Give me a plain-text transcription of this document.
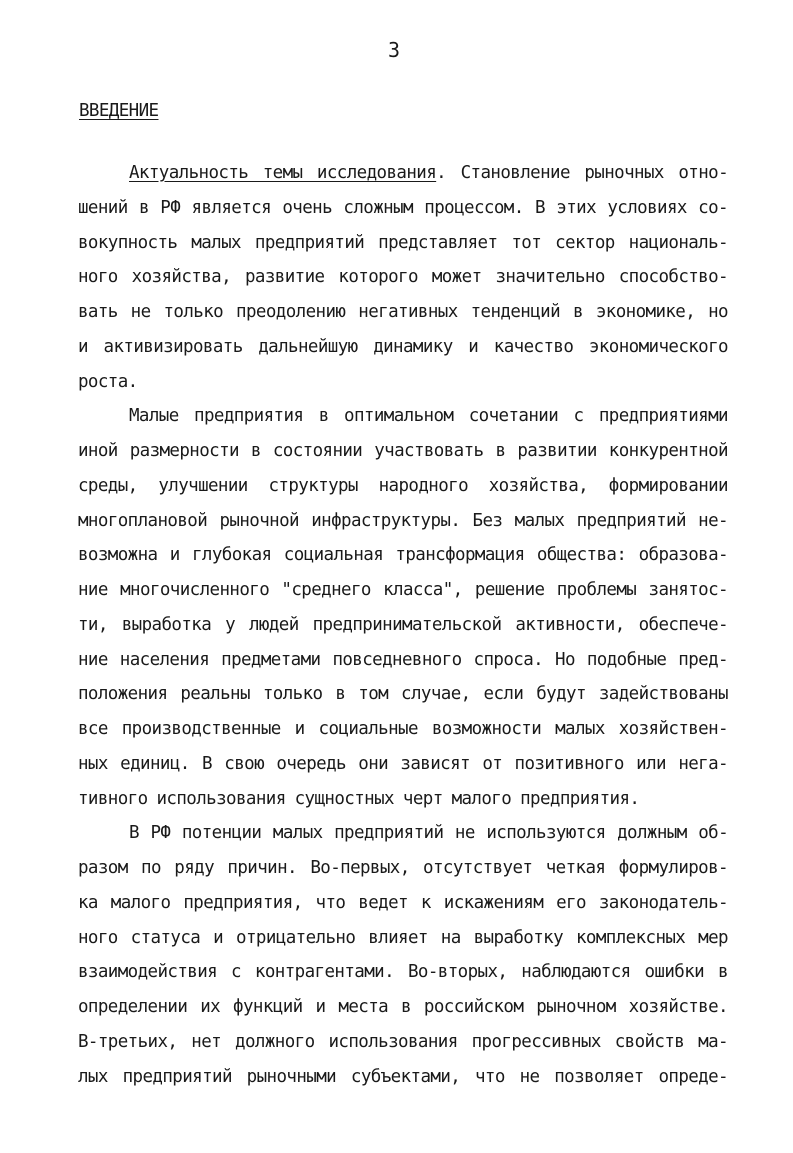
3
ВВЕДЕНИЕ
Актуальность темы исследования. Становление рыночных отно-
шений в РФ является очень сложным процессом. В этих условиях со-
вокупность малых предприятий представляет тот сектор националь-
ного хозяйства, развитие которого может значительно способство-
вать не только преодолению негативных тенденций в экономике, но
и активизировать дальнейшую динамику и качество экономического
роста.
Малые предприятия в оптимальном сочетании с предприятиями
иной размерности в состоянии участвовать в развитии конкурентной
среды, улучшении структуры народного хозяйства, формировании
многоплановой рыночной инфраструктуры. Без малых предприятий не-
возможна и глубокая социальная трансформация общества: образова-
ние многочисленного "среднего класса", решение проблемы занятос-
ти, выработка у людей предпринимательской активности, обеспече-
ние населения предметами повседневного спроса. Но подобные пред-
положения реальны только в том случае, если будут задействованы
все производственные и социальные возможности малых хозяйствен-
ных единиц. В свою очередь они зависят от позитивного или нега-
тивного использования сущностных черт малого предприятия.
В РФ потенции малых предприятий не используются должным об-
разом по ряду причин. Во-первых, отсутствует четкая формулиров-
ка малого предприятия, что ведет к искажениям его законодатель-
ного статуса и отрицательно влияет на выработку комплексных мер
взаимодействия с контрагентами. Во-вторых, наблюдаются ошибки в
определении их функций и места в российском рыночном хозяйстве.
В-третьих, нет должного использования прогрессивных свойств ма-
лых предприятий рыночными субъектами, что не позволяет опреде-
